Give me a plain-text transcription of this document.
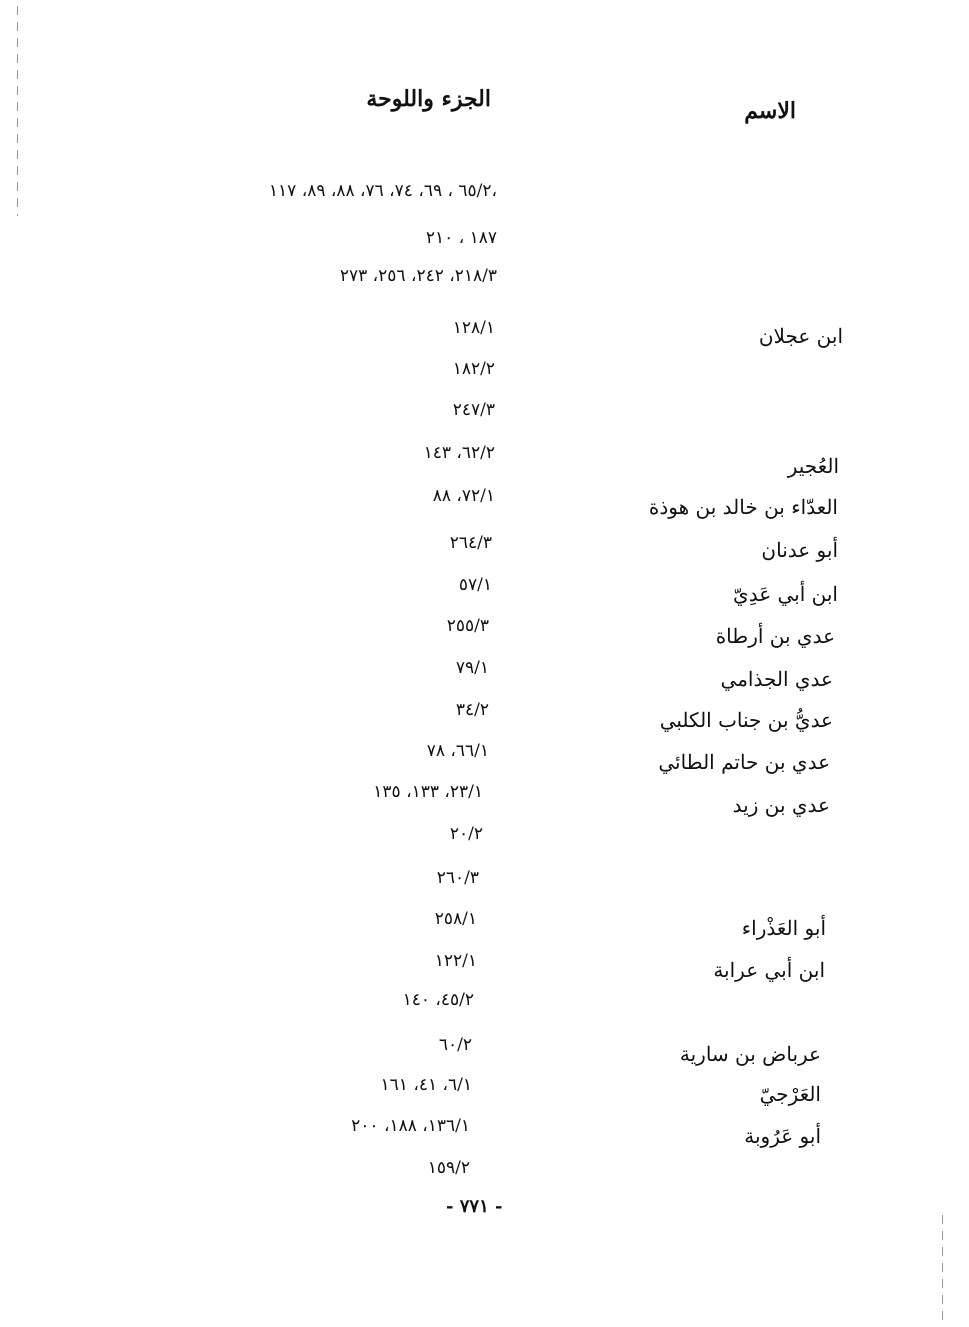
الاسم
الجزء واللوحة
٦٥/٢ ، ٦٩، ٧٤، ٧٦، ٨٨، ٨٩، ١١٧،
١٨٧ ، ٢١٠
٢١٨/٣، ٢٤٢، ٢٥٦، ٢٧٣
١٢٨/١
١٨٢/٢
٢٤٧/٣
٦٢/٢، ١٤٣
٧٢/١، ٨٨
٢٦٤/٣
٥٧/١
٢٥٥/٣
٧٩/١
٣٤/٢
٦٦/١، ٧٨
٢٣/١، ١٣٣، ١٣٥
٢٠/٢
٢٦٠/٣
٢٥٨/١
١٢٢/١
٤٥/٢، ١٤٠
٦٠/٢
٦/١، ٤١، ١٦١
١٣٦/١، ١٨٨، ٢٠٠
١٥٩/٢
ابن عجلان
العُجير
العدّاء بن خالد بن هوذة
أبو عدنان
ابن أبي عَدِيّ
عدي بن أرطاة
عدي الجذامي
عديُّ بن جناب الكلبي
عدي بن حاتم الطائي
عدي بن زيد
أبو العَذْراء
ابن أبي عرابة
عرباض بن سارية
العَرْجيّ
أبو عَرُوبة
- ٧٧١ -
